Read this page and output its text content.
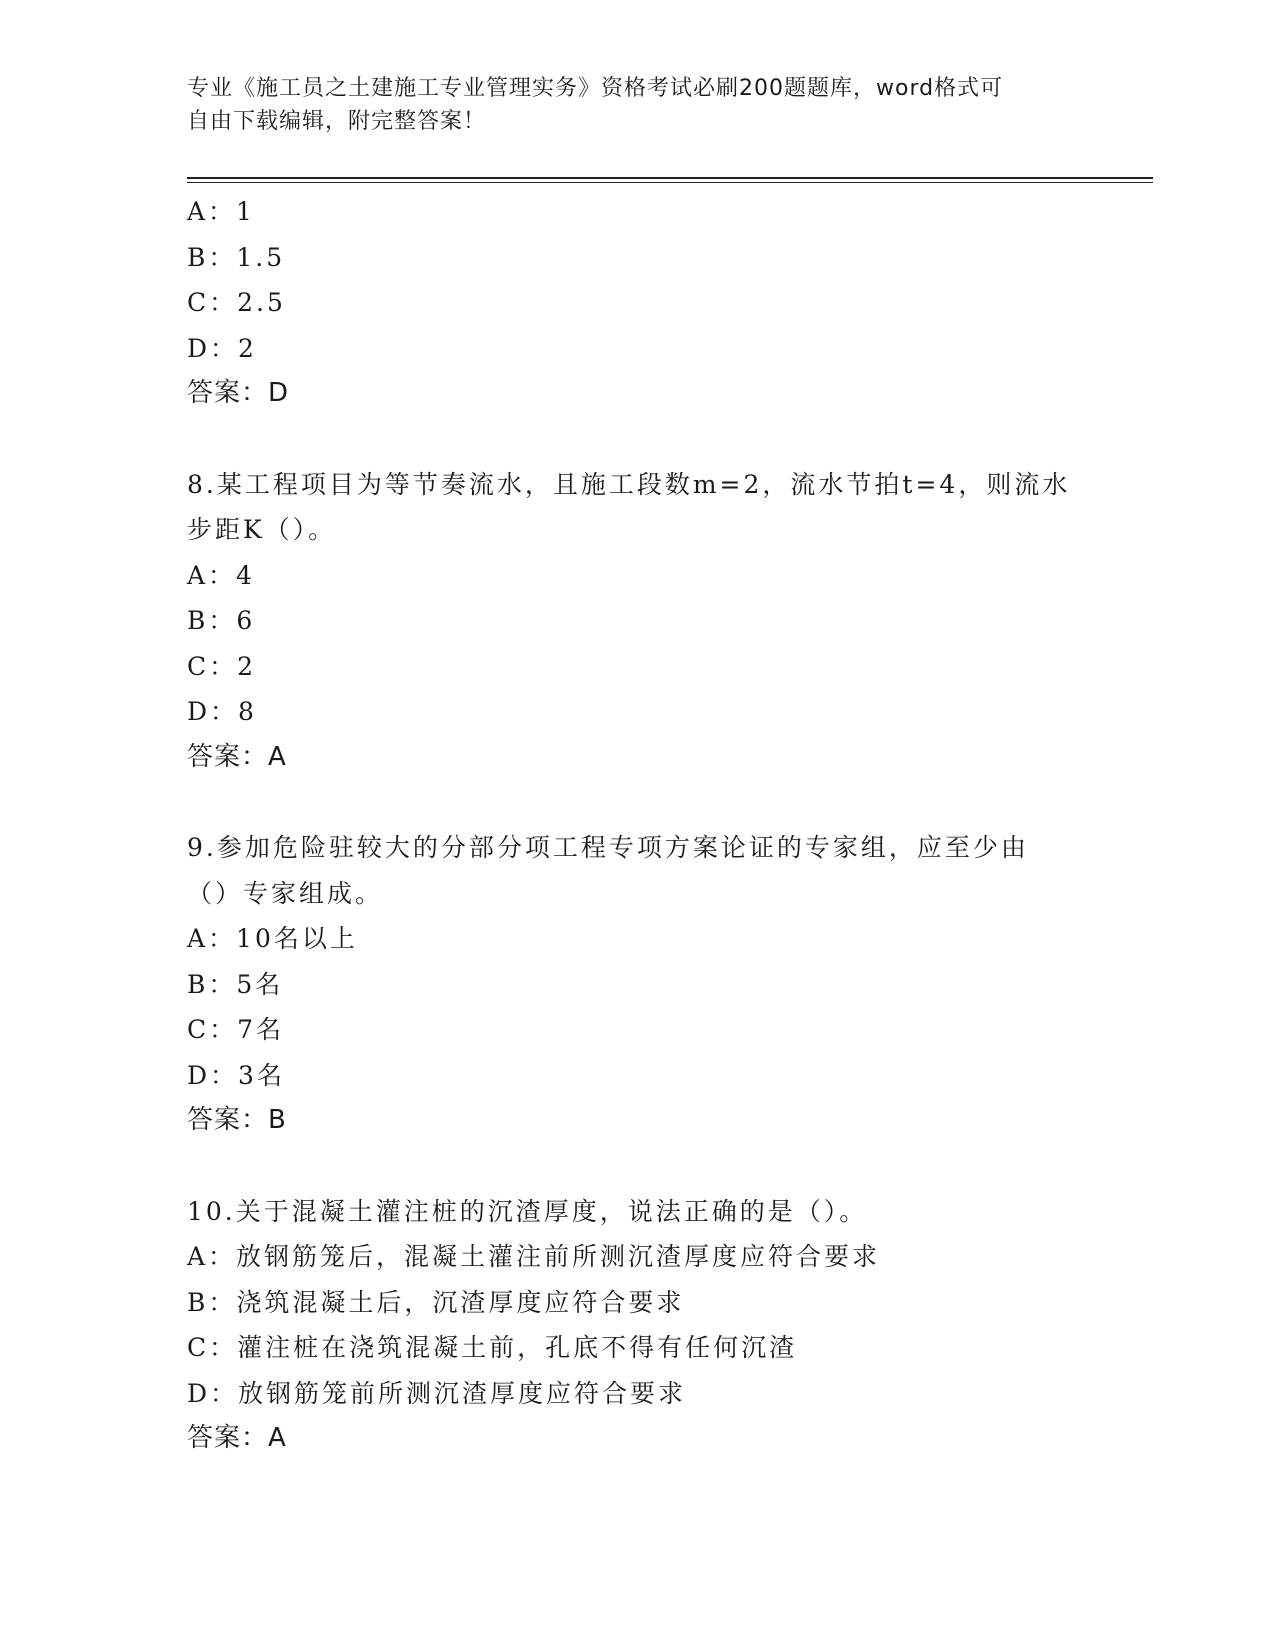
专业《施工员之土建施工专业管理实务》资格考试必刷200题题库，word格式可
自由下载编辑，附完整答案！
A：1
B：1.5
C：2.5
D：2
答案：D
8.某工程项目为等节奏流水，且施工段数m=2，流水节拍t=4，则流水
步距K（）。
A：4
B：6
C：2
D：8
答案：A
9.参加危险驻较大的分部分项工程专项方案论证的专家组，应至少由
（）专家组成。
A：10名以上
B：5名
C：7名
D：3名
答案：B
10.关于混凝土灌注桩的沉渣厚度，说法正确的是（）。
A：放钢筋笼后，混凝土灌注前所测沉渣厚度应符合要求
B：浇筑混凝土后，沉渣厚度应符合要求
C：灌注桩在浇筑混凝土前，孔底不得有任何沉渣
D：放钢筋笼前所测沉渣厚度应符合要求
答案：A
